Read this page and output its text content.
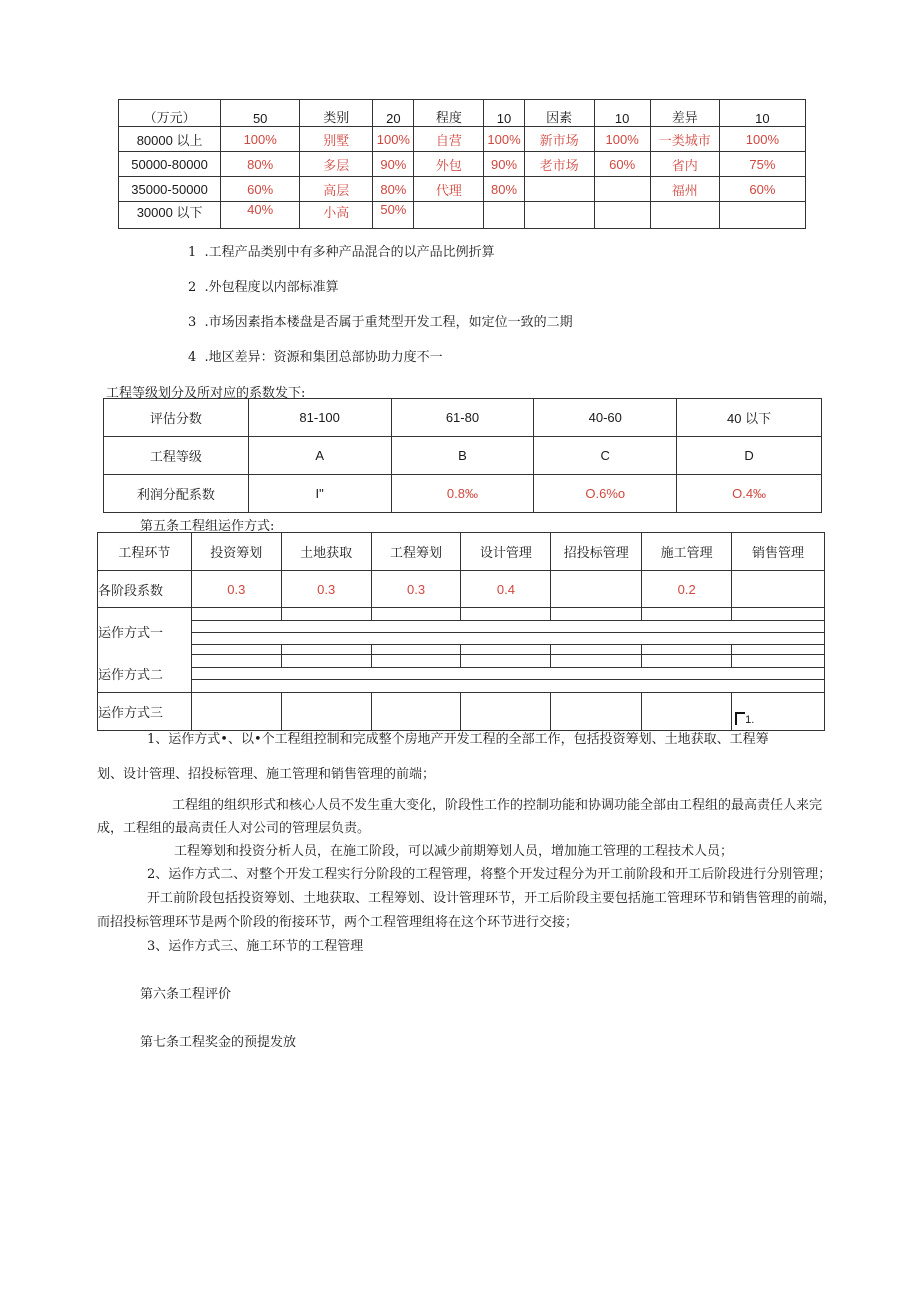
（万元）	50	类别	20	程度	10	因素	10	差异	10
80000 以上	100%	别墅	100%	自营	100%	新市场	100%	一类城市	100%
50000-80000	80%	多层	90%	外包	90%	老市场	60%	省内	75%
35000-50000	60%	高层	80%	代理	80%			福州	60%
30000 以下	40%	小高	50%						

1	.工程产品类别中有多种产品混合的以产品比例折算

2	.外包程度以内部标准算

3	.市场因素指本楼盘是否属于重梵型开发工程，如定位一致的二期

4	.地区差异：资源和集团总部协助力度不一

工程等级划分及所对应的系数发下:

评估分数	81-100	61-80	40-60	40 以下
工程等级	A	B	C	D
利润分配系数	I"	0.8‰	O.6%o	O.4‰

第五条工程组运作方式:

工程环节	投资筹划	土地获取	工程筹划	设计管理	招投标管理	施工管理	销售管理
各阶段系数	0.3	0.3	0.3	0.4		0.2	
运作方式一							

运作方式二							

运作方式三							1.

1、运作方式•、以•个工程组控制和完成整个房地产开发工程的全部工作，包括投资筹划、土地获取、工程筹

划、设计管理、招投标管理、施工管理和销售管理的前端；

工程组的组织形式和核心人员不发生重大变化，阶段性工作的控制功能和协调功能全部由工程组的最高责任人来完

成，工程组的最高责任人对公司的管理层负责。

工程筹划和投资分析人员，在施工阶段，可以减少前期筹划人员，增加施工管理的工程技术人员；

2、运作方式二、对整个开发工程实行分阶段的工程管理，将整个开发过程分为开工前阶段和开工后阶段进行分别管理；

开工前阶段包括投资筹划、土地获取、工程筹划、设计管理环节，开工后阶段主要包括施工管理环节和销售管理的前端，

而招投标管理环节是两个阶段的衔接环节，两个工程管理组将在这个环节进行交接；

3、运作方式三、施工环节的工程管理

第六条工程评价

第七条工程奖金的预提发放
